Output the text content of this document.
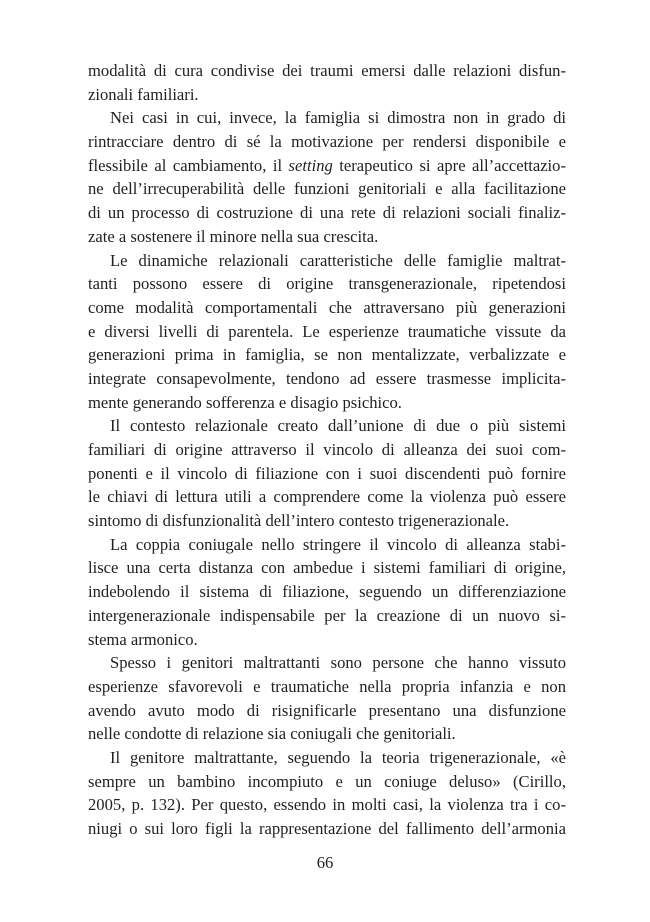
modalità di cura condivise dei traumi emersi dalle relazioni disfun-
zionali familiari.
Nei casi in cui, invece, la famiglia si dimostra non in grado di
rintracciare dentro di sé la motivazione per rendersi disponibile e
flessibile al cambiamento, il setting terapeutico si apre all’accettazio-
ne dell’irrecuperabilità delle funzioni genitoriali e alla facilitazione
di un processo di costruzione di una rete di relazioni sociali finaliz-
zate a sostenere il minore nella sua crescita.
Le dinamiche relazionali caratteristiche delle famiglie maltrat-
tanti possono essere di origine transgenerazionale, ripetendosi
come modalità comportamentali che attraversano più generazioni
e diversi livelli di parentela. Le esperienze traumatiche vissute da
generazioni prima in famiglia, se non mentalizzate, verbalizzate e
integrate consapevolmente, tendono ad essere trasmesse implicita-
mente generando sofferenza e disagio psichico.
Il contesto relazionale creato dall’unione di due o più sistemi
familiari di origine attraverso il vincolo di alleanza dei suoi com-
ponenti e il vincolo di filiazione con i suoi discendenti può fornire
le chiavi di lettura utili a comprendere come la violenza può essere
sintomo di disfunzionalità dell’intero contesto trigenerazionale.
La coppia coniugale nello stringere il vincolo di alleanza stabi-
lisce una certa distanza con ambedue i sistemi familiari di origine,
indebolendo il sistema di filiazione, seguendo un differenziazione
intergenerazionale indispensabile per la creazione di un nuovo si-
stema armonico.
Spesso i genitori maltrattanti sono persone che hanno vissuto
esperienze sfavorevoli e traumatiche nella propria infanzia e non
avendo avuto modo di risignificarle presentano una disfunzione
nelle condotte di relazione sia coniugali che genitoriali.
Il genitore maltrattante, seguendo la teoria trigenerazionale, «è
sempre un bambino incompiuto e un coniuge deluso» (Cirillo,
2005, p. 132). Per questo, essendo in molti casi, la violenza tra i co-
niugi o sui loro figli la rappresentazione del fallimento dell’armonia
66
